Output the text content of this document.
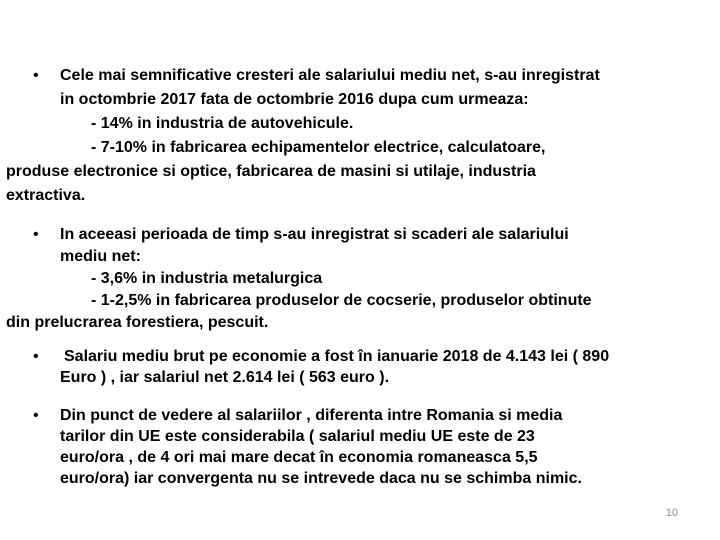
• Cele mai semnificative cresteri ale salariului mediu net, s-au inregistrat
in octombrie 2017 fata de octombrie 2016 dupa cum urmeaza:
- 14% in industria de autovehicule.
- 7-10% in fabricarea echipamentelor electrice, calculatoare,
produse electronice si optice, fabricarea de masini si utilaje, industria
extractiva.
• In aceeasi perioada de timp s-au inregistrat si scaderi ale salariului
mediu net:
- 3,6% in industria metalurgica
- 1-2,5% in fabricarea produselor de cocserie, produselor obtinute
din prelucrarea forestiera, pescuit.
• Salariu mediu brut pe economie a fost în ianuarie 2018 de 4.143 lei ( 890
Euro ) , iar salariul net 2.614 lei ( 563 euro ).
• Din punct de vedere al salariilor , diferenta intre Romania si media
tarilor din UE este considerabila ( salariul mediu UE este de 23
euro/ora , de 4 ori mai mare decat în economia romaneasca 5,5
euro/ora) iar convergenta nu se intrevede daca nu se schimba nimic.
10
